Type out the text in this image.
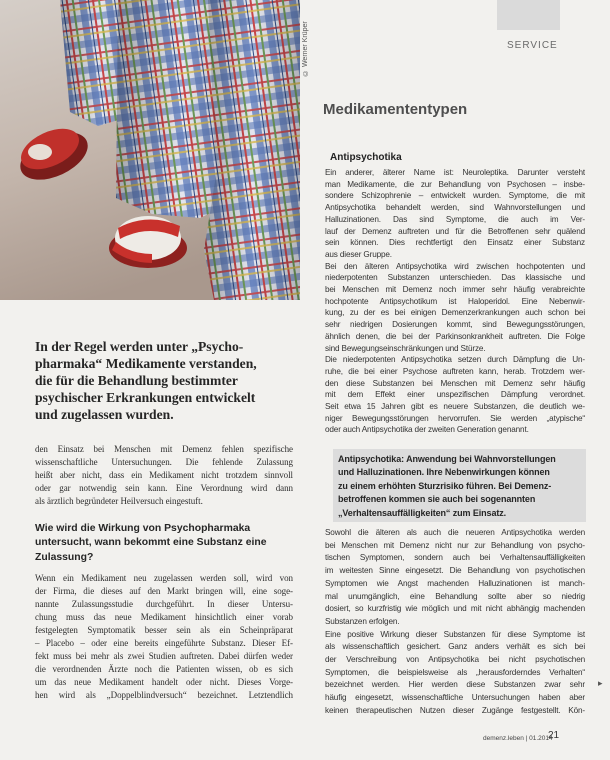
© Werner Krüper	SERVICE
In der Regel werden unter „Psycho-
pharmaka“ Medikamente verstanden,
die für die Behandlung bestimmter
psychischer Erkrankungen entwickelt
und zugelassen wurden.
den Einsatz bei Menschen mit Demenz fehlen spezifische
wissenschaftliche Untersuchungen. Die fehlende Zulassung
heißt aber nicht, dass ein Medikament nicht trotzdem sinnvoll
oder gar notwendig sein kann. Eine Verordnung wird dann
als ärztlich begründeter Heilversuch eingestuft.
Wie wird die Wirkung von Psychopharmaka
untersucht, wann bekommt eine Substanz eine
Zulassung?
Wenn ein Medikament neu zugelassen werden soll, wird von
der Firma, die dieses auf den Markt bringen will, eine soge-
nannte Zulassungsstudie durchgeführt. In dieser Untersu-
chung muss das neue Medikament hinsichtlich einer vorab
festgelegten Symptomatik besser sein als ein Scheinpräparat
– Placebo – oder eine bereits eingeführte Substanz. Dieser Ef-
fekt muss bei mehr als zwei Studien auftreten. Dabei dürfen weder
die verordnenden Ärzte noch die Patienten wissen, ob es sich
um das neue Medikament handelt oder nicht. Dieses Vorge-
hen wird als „Doppelblindversuch“ bezeichnet. Letztendlich
Medikamententypen
Antipsychotika
Ein anderer, älterer Name ist: Neuroleptika. Darunter versteht
man Medikamente, die zur Behandlung von Psychosen – insbe-
sondere Schizophrenie – entwickelt wurden. Symptome, die mit
Antipsychotika behandelt werden, sind Wahnvorstellungen und
Halluzinationen. Das sind Symptome, die auch im Ver-
lauf der Demenz auftreten und für die Betroffenen sehr quälend
sein können. Dies rechtfertigt den Einsatz einer Substanz
aus dieser Gruppe.
Bei den älteren Antipsychotika wird zwischen hochpotenten und
niederpotenten Substanzen unterschieden. Das klassische und
bei Menschen mit Demenz noch immer sehr häufig verabreichte
hochpotente Antipsychotikum ist Haloperidol. Eine Nebenwir-
kung, zu der es bei einigen Demenzerkrankungen auch schon bei
sehr niedrigen Dosierungen kommt, sind Bewegungsstörungen,
ähnlich denen, die bei der Parkinsonkrankheit auftreten. Die Folge
sind Bewegungseinschränkungen und Stürze.
Die niederpotenten Antipsychotika setzen durch Dämpfung die Un-
ruhe, die bei einer Psychose auftreten kann, herab. Trotzdem wer-
den diese Substanzen bei Menschen mit Demenz sehr häufig
mit dem Effekt einer unspezifischen Dämpfung verordnet.
Seit etwa 15 Jahren gibt es neuere Substanzen, die deutlich we-
niger Bewegungsstörungen hervorrufen. Sie werden „atypische“
oder auch Antipsychotika der zweiten Generation genannt.
Antipsychotika: Anwendung bei Wahnvorstellungen
und Halluzinationen. Ihre Nebenwirkungen können
zu einem erhöhten Sturzrisiko führen. Bei Demenz-
betroffenen kommen sie auch bei sogenannten
„Verhaltensauffälligkeiten“ zum Einsatz.
Sowohl die älteren als auch die neueren Antipsychotika werden
bei Menschen mit Demenz nicht nur zur Behandlung von psycho-
tischen Symptomen, sondern auch bei Verhaltensauffälligkeiten
im weitesten Sinne eingesetzt. Die Behandlung von psychotischen
Symptomen wie Angst machenden Halluzinationen ist manch-
mal unumgänglich, eine Behandlung sollte aber so niedrig
dosiert, so kurzfristig wie möglich und mit nicht abhängig machenden
Substanzen erfolgen.
Eine positive Wirkung dieser Substanzen für diese Symptome ist
als wissenschaftlich gesichert. Ganz anders verhält es sich bei
der Verschreibung von Antipsychotika bei nicht psychotischen
Symptomen, die beispielsweise als „herausforderndes Verhalten“
bezeichnet werden. Hier werden diese Substanzen zwar sehr
häufig eingesetzt, wissenschaftliche Untersuchungen haben aber
keinen therapeutischen Nutzen dieser Zugänge festgestellt. Kön-
▸
demenz.leben | 01.2014
21
